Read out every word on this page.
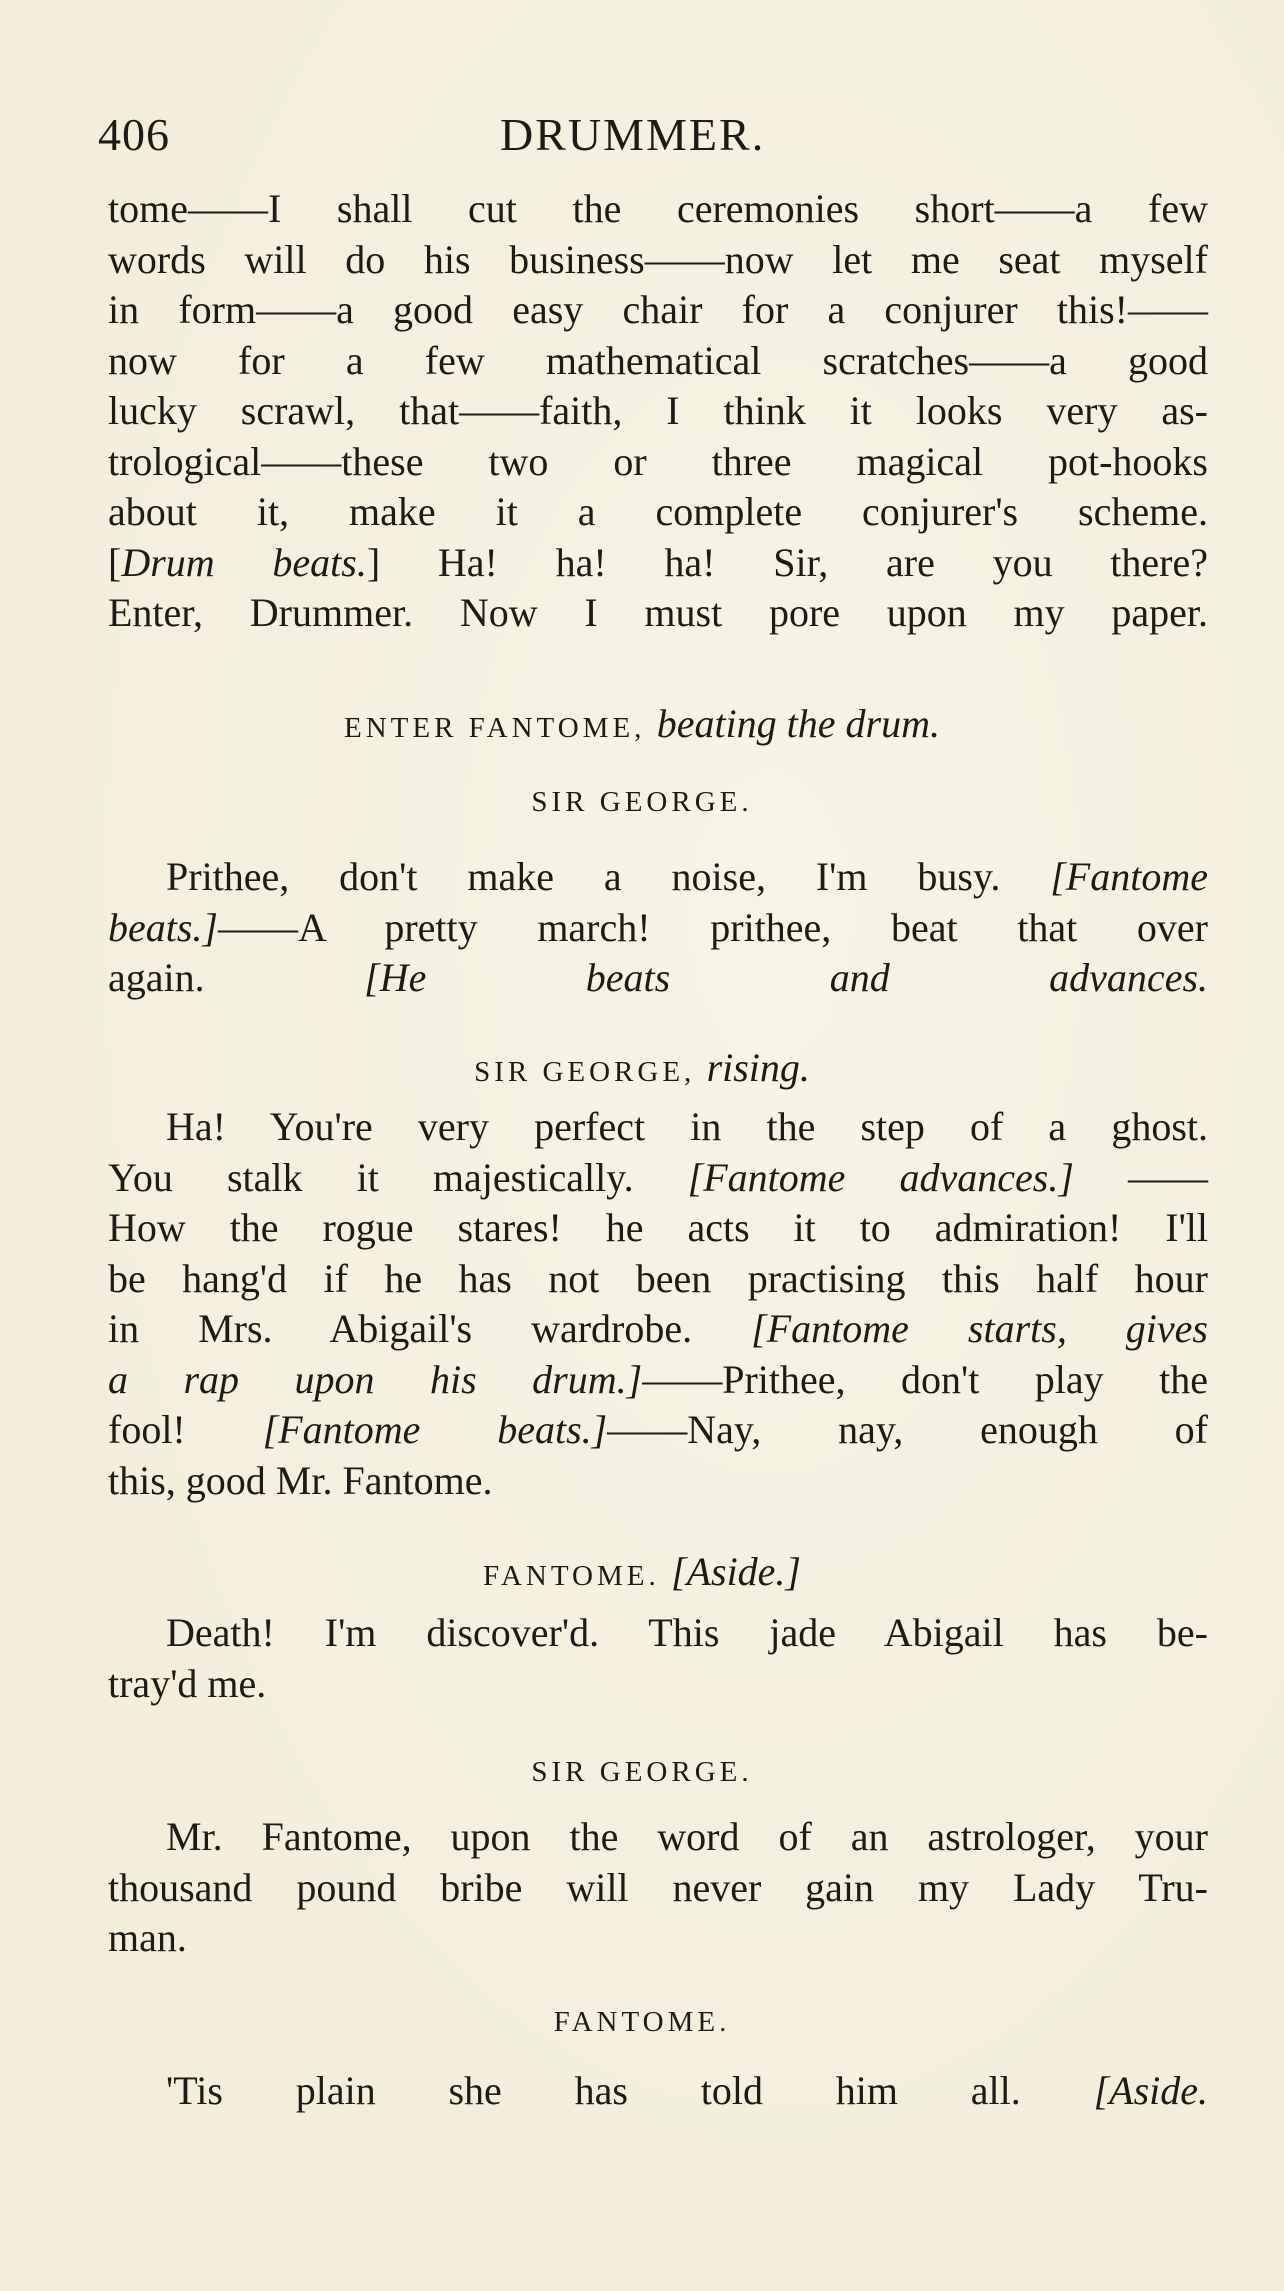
406	DRUMMER.
tome——I shall cut the ceremonies short——a few
words will do his business——now let me seat myself
in form——a good easy chair for a conjurer this!——
now for a few mathematical scratches——a good
lucky scrawl, that——faith, I think it looks very as-
trological——these two or three magical pot-hooks
about it, make it a complete conjurer's scheme.
[Drum beats.] Ha! ha! ha! Sir, are you there?
Enter, Drummer. Now I must pore upon my paper.
ENTER FANTOME, beating the drum.
SIR GEORGE.
Prithee, don't make a noise, I'm busy. [Fantome
beats.]——A pretty march! prithee, beat that over
again.	[He beats and advances.
SIR GEORGE, rising.
Ha! You're very perfect in the step of a ghost.
You stalk it majestically. [Fantome advances.] ——
How the rogue stares! he acts it to admiration! I'll
be hang'd if he has not been practising this half hour
in Mrs. Abigail's wardrobe. [Fantome starts, gives
a rap upon his drum.]——Prithee, don't play the
fool! [Fantome beats.]——Nay, nay, enough of
this, good Mr. Fantome.
FANTOME. [Aside.]
Death! I'm discover'd. This jade Abigail has be-
tray'd me.
SIR GEORGE.
Mr. Fantome, upon the word of an astrologer, your
thousand pound bribe will never gain my Lady Tru-
man.
FANTOME.
'Tis plain she has told him all. [Aside.
